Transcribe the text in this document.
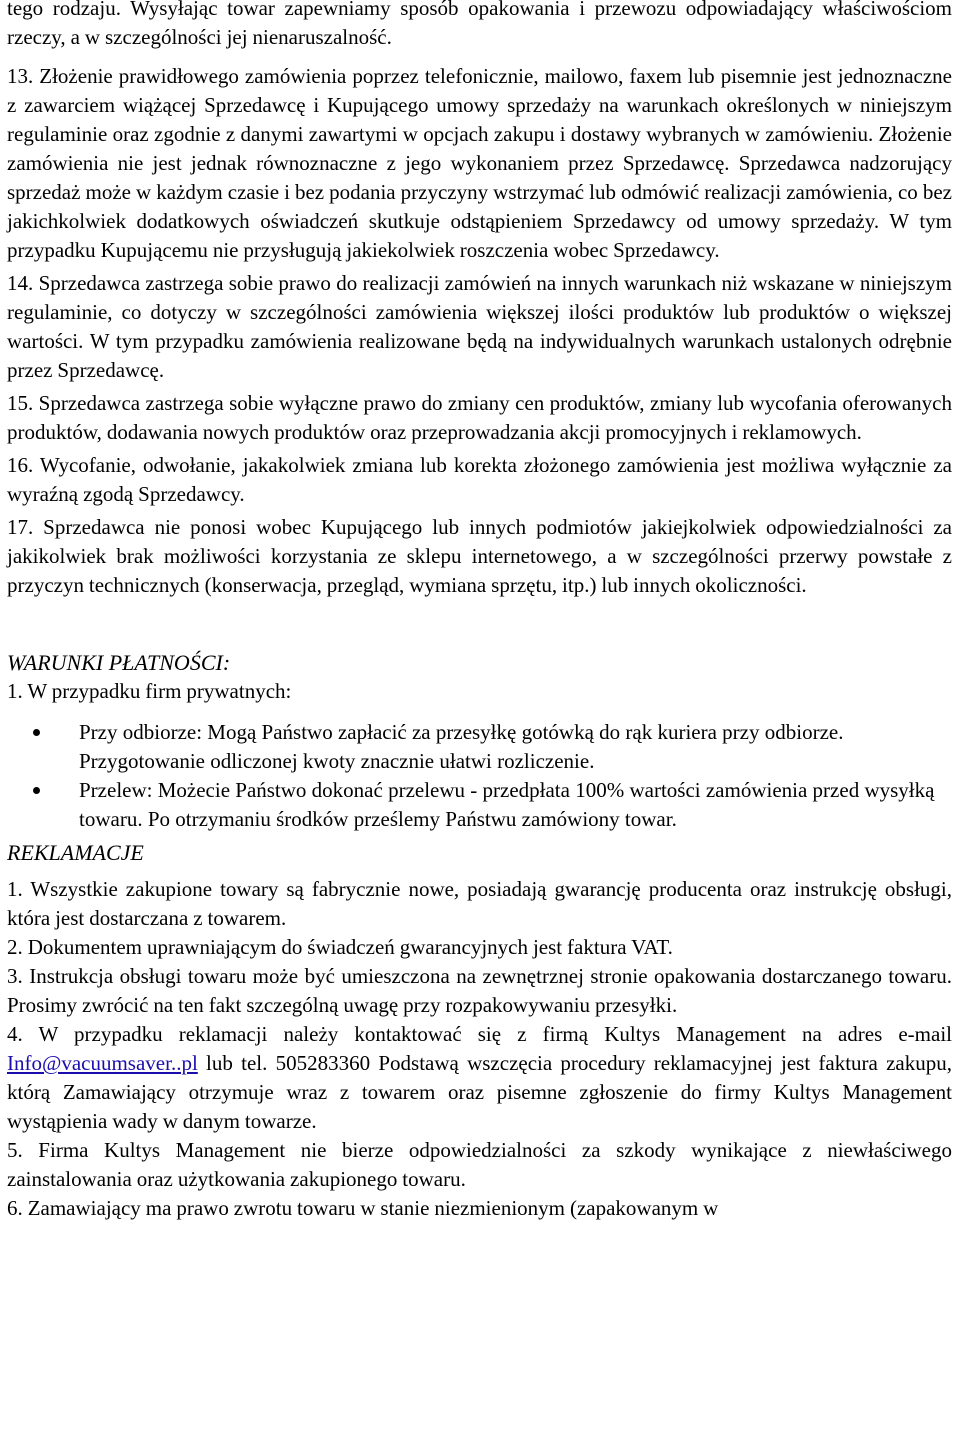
tego rodzaju. Wysyłając towar zapewniamy sposób opakowania i przewozu odpowiadający właściwościom rzeczy, a w szczególności jej nienaruszalność.

13. Złożenie prawidłowego zamówienia poprzez telefonicznie, mailowo, faxem lub pisemnie jest jednoznaczne z zawarciem wiążącej Sprzedawcę i Kupującego umowy sprzedaży na warunkach określonych w niniejszym regulaminie oraz zgodnie z danymi zawartymi w opcjach zakupu i dostawy wybranych w zamówieniu. Złożenie zamówienia nie jest jednak równoznaczne z jego wykonaniem przez Sprzedawcę. Sprzedawca nadzorujący sprzedaż może w każdym czasie i bez podania przyczyny wstrzymać lub odmówić realizacji zamówienia, co bez jakichkolwiek dodatkowych oświadczeń skutkuje odstąpieniem Sprzedawcy od umowy sprzedaży. W tym przypadku Kupującemu nie przysługują jakiekolwiek roszczenia wobec Sprzedawcy.

14. Sprzedawca zastrzega sobie prawo do realizacji zamówień na innych warunkach niż wskazane w niniejszym regulaminie, co dotyczy w szczególności zamówienia większej ilości produktów lub produktów o większej wartości. W tym przypadku zamówienia realizowane będą na indywidualnych warunkach ustalonych odrębnie przez Sprzedawcę.

15. Sprzedawca zastrzega sobie wyłączne prawo do zmiany cen produktów, zmiany lub wycofania oferowanych produktów, dodawania nowych produktów oraz przeprowadzania akcji promocyjnych i reklamowych.

16. Wycofanie, odwołanie, jakakolwiek zmiana lub korekta złożonego zamówienia jest możliwa wyłącznie za wyraźną zgodą Sprzedawcy.

17. Sprzedawca nie ponosi wobec Kupującego lub innych podmiotów jakiejkolwiek odpowiedzialności za jakikolwiek brak możliwości korzystania ze sklepu internetowego, a w szczególności przerwy powstałe z przyczyn technicznych (konserwacja, przegląd, wymiana sprzętu, itp.) lub innych okoliczności.

WARUNKI PŁATNOŚCI:

1. W przypadku firm prywatnych:

Przy odbiorze: Mogą Państwo zapłacić za przesyłkę gotówką do rąk kuriera przy odbiorze. Przygotowanie odliczonej kwoty znacznie ułatwi rozliczenie.
Przelew: Możecie Państwo dokonać przelewu - przedpłata 100% wartości zamówienia przed wysyłką towaru. Po otrzymaniu środków prześlemy Państwu zamówiony towar.

REKLAMACJE

1. Wszystkie zakupione towary są fabrycznie nowe, posiadają gwarancję producenta oraz instrukcję obsługi, która jest dostarczana z towarem.

2. Dokumentem uprawniającym do świadczeń gwarancyjnych jest faktura VAT.

3. Instrukcja obsługi towaru może być umieszczona na zewnętrznej stronie opakowania dostarczanego towaru. Prosimy zwrócić na ten fakt szczególną uwagę przy rozpakowywaniu przesyłki.

4. W przypadku reklamacji należy kontaktować się z firmą Kultys Management na adres e-mail Info@vacuumsaver..pl lub tel. 505283360 Podstawą wszczęcia procedury reklamacyjnej jest faktura zakupu, którą Zamawiający otrzymuje wraz z towarem oraz pisemne zgłoszenie do firmy Kultys Management wystąpienia wady w danym towarze.

5. Firma Kultys Management nie bierze odpowiedzialności za szkody wynikające z niewłaściwego zainstalowania oraz użytkowania zakupionego towaru.

6. Zamawiający ma prawo zwrotu towaru w stanie niezmienionym (zapakowanym w
